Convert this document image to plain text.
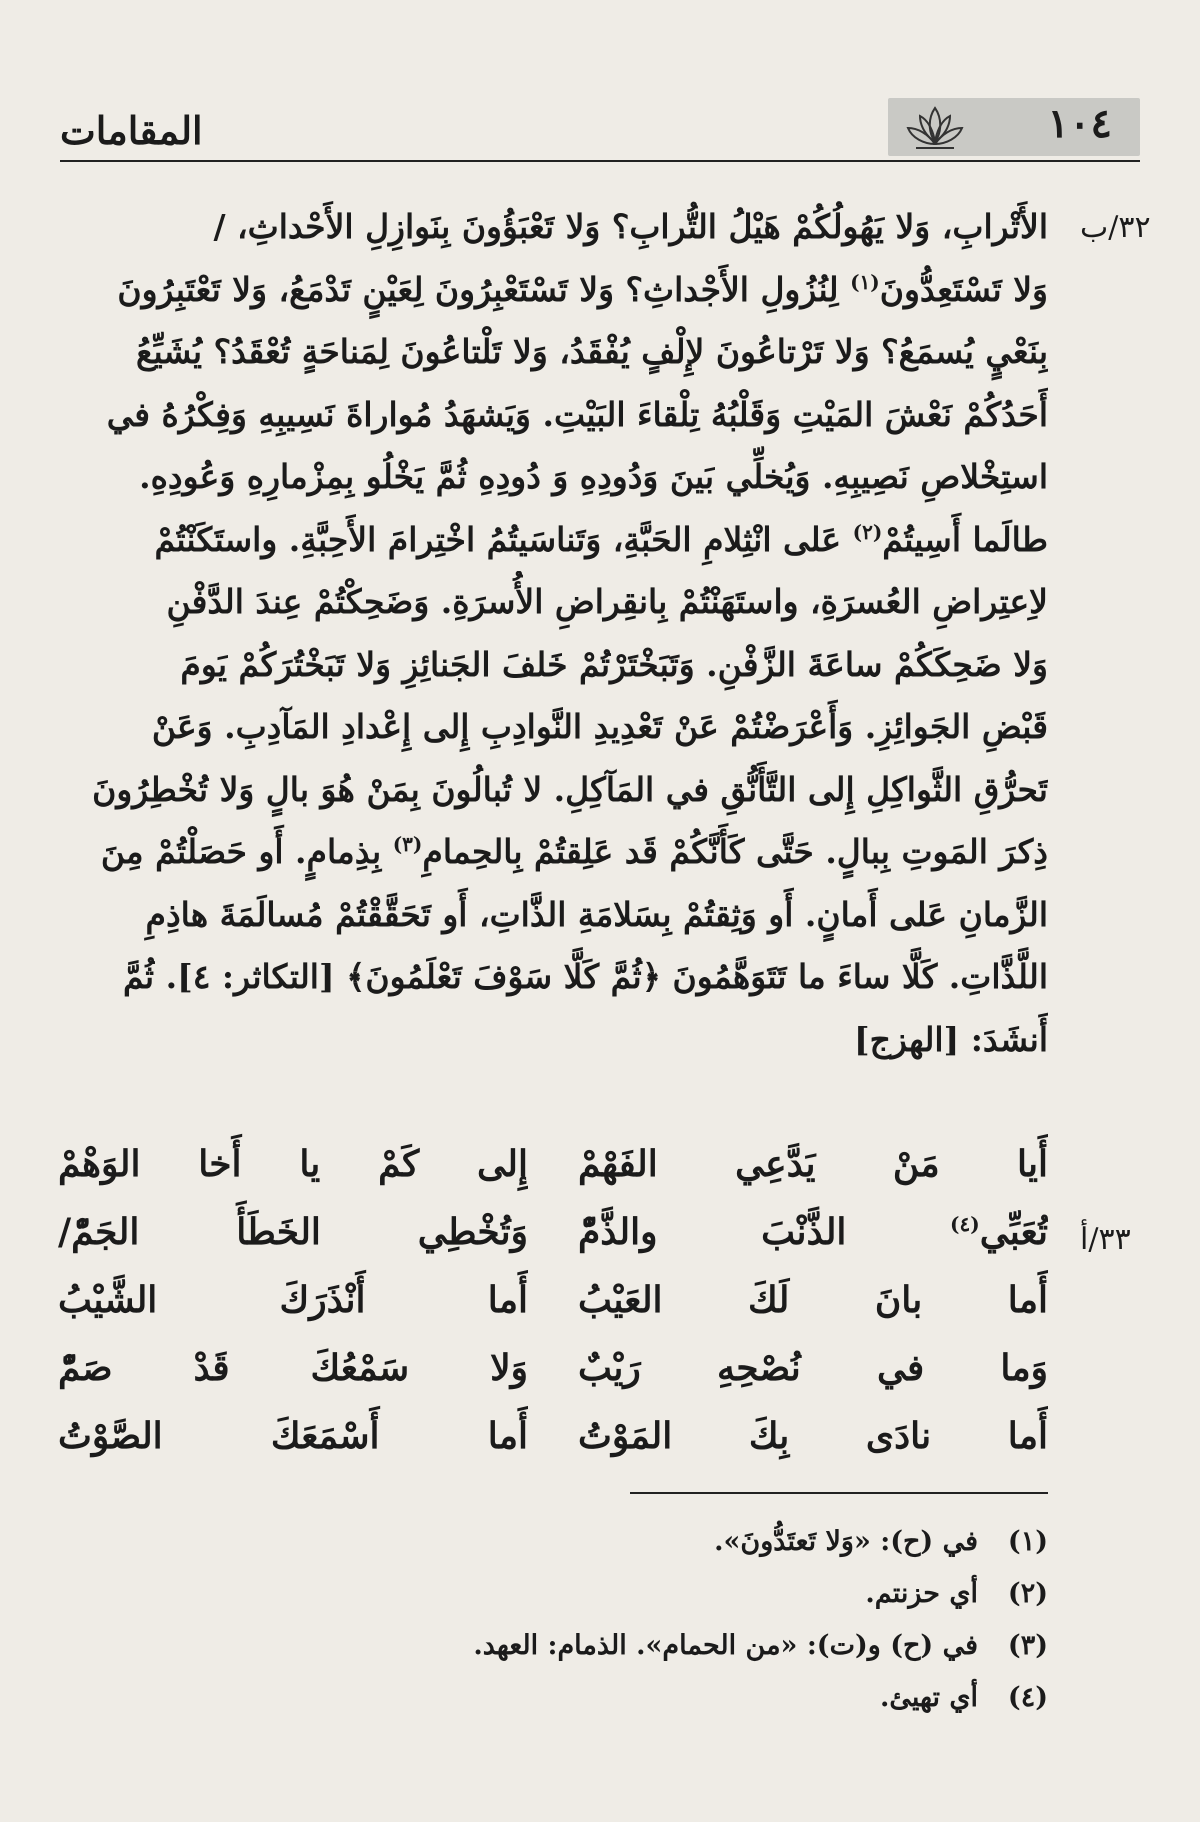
المقامات	١٠٤
٣٢/ب
٣٣/أ
الأَتْرابِ، وَلا يَهُولُكُمْ هَيْلُ التُّرابِ؟ وَلا تَعْبَؤُونَ بِنَوازِلِ الأَحْداثِ، /
وَلا تَسْتَعِدُّونَ$^{(١)}$ لِنُزُولِ الأَجْداثِ؟ وَلا تَسْتَعْبِرُونَ لِعَيْنٍ تَدْمَعُ، وَلا تَعْتَبِرُونَ
بِنَعْيٍ يُسمَعُ؟ وَلا تَرْتاعُونَ لإِلْفٍ يُفْقَدُ، وَلا تَلْتاعُونَ لِمَناحَةٍ تُعْقَدُ؟ يُشَيِّعُ
أَحَدُكُمْ نَعْشَ المَيْتِ وَقَلْبُهُ تِلْقاءَ البَيْتِ. وَيَشهَدُ مُواراةَ نَسِيبِهِ وَفِكْرُهُ في
استِخْلاصِ نَصِيبِهِ. وَيُخلِّي بَينَ وَدُودِهِ وَ دُودِهِ ثُمَّ يَخْلُو بِمِزْمارِهِ وَعُودِهِ.
طالَما أَسِيتُمْ$^{(٢)}$ عَلى انْثِلامِ الحَبَّةِ، وَتَناسَيتُمُ اخْتِرامَ الأَحِبَّةِ. واستَكَنْتُمْ
لاِعتِراضِ العُسرَةِ، واستَهَنْتُمْ بِانقِراضِ الأُسرَةِ. وَضَحِكْتُمْ عِندَ الدَّفْنِ
وَلا ضَحِكَكُمْ ساعَةَ الزَّفْنِ. وَتَبَخْتَرْتُمْ خَلفَ الجَنائِزِ وَلا تَبَخْتُرَكُمْ يَومَ
قَبْضِ الجَوائِزِ. وَأَعْرَضْتُمْ عَنْ تَعْدِيدِ النَّوادِبِ إِلى إِعْدادِ المَآدِبِ. وَعَنْ
تَحرُّقِ الثَّواكِلِ إِلى التَّأَنُّقِ في المَآكِلِ. لا تُبالُونَ بِمَنْ هُوَ بالٍ وَلا تُخْطِرُونَ
ذِكرَ المَوتِ بِبالٍ. حَتَّى كَأَنَّكُمْ قَد عَلِقتُمْ بِالحِمامِ$^{(٣)}$ بِذِمامٍ. أَو حَصَلْتُمْ مِنَ
الزَّمانِ عَلى أَمانٍ. أَو وَثِقتُمْ بِسَلامَةِ الذَّاتِ، أَو تَحَقَّقْتُمْ مُسالَمَةَ هاذِمِ
اللَّذَّاتِ. كَلَّا ساءَ ما تَتَوَهَّمُونَ ﴿ثُمَّ كَلَّا سَوْفَ تَعْلَمُونَ﴾ [التكاثر: ٤]. ثُمَّ
أَنشَدَ: [الهزج]
أَيا مَنْ يَدَّعِي الفَهْمْ
إِلى كَمْ يا أَخا الوَهْمْ
تُعَبِّي$^{(٤)}$ الذَّنْبَ والذَّمّْ
وَتُخْطِي الخَطَأَ الجَمّْ/
أَما بانَ لَكَ العَيْبُ
أَما أَنْذَرَكَ الشَّيْبُ
وَما في نُصْحِهِ رَيْبٌ
وَلا سَمْعُكَ قَدْ صَمّْ
أَما نادَى بِكَ المَوْتُ
أَما أَسْمَعَكَ الصَّوْتُ
(١)في (ح): «وَلا تَعتَدُّونَ».
(٢)أي حزنتم.
(٣)في (ح) و(ت): «من الحمام». الذمام: العهد.
(٤)أي تهيئ.
